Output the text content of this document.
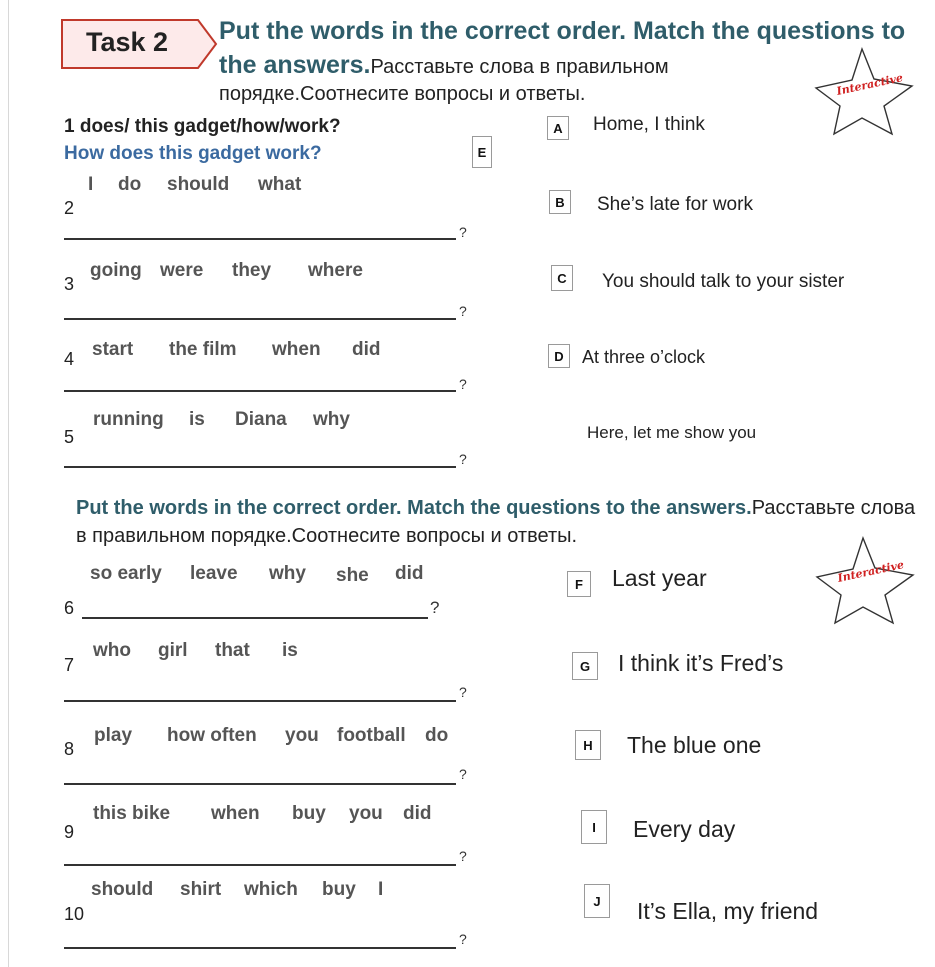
Task 2 Put the words in the correct order. Match the questions to the answers.Расставьте слова в правильном
порядке.Соотнесите вопросы и ответы.	Interactive
1 does/ this gadget/how/work?
How does this gadget work?	E
2
I do should what
?
3
going were they where
?
4 start the film when did
?
5
running is Diana why
?
A	Home, I think
B	She’s late for work
C	You should talk to your sister
D	At three o’clock
Here, let me show you
Put the words in the correct order. Match the questions to the answers.Расставьте слова в правильном порядке.Соотнесите вопросы и ответы.
Interactive
so early leave why she did
6	?
7
who girl that is
?
8
play how often you football do
?
9
this bike when buy you did
?
10
should shirt which buy I
?
F	Last year
G	I think it’s Fred’s
H	The blue one
I	Every day
J	It’s Ella, my friend
